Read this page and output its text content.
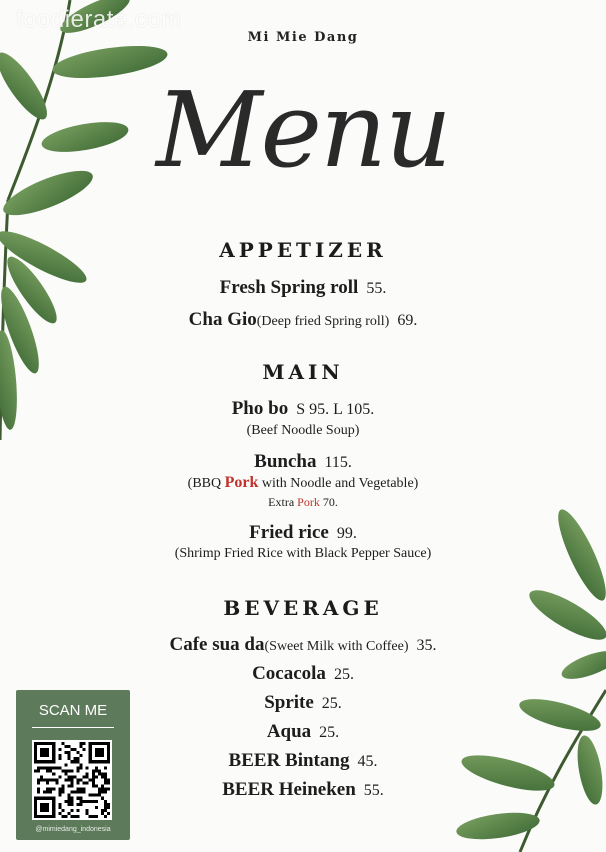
foodierate.com
Mi Mie Dang
Menu
APPETIZER
Fresh Spring roll 55.
Cha Gio(Deep fried Spring roll) 69.
MAIN
Pho bo S 95. L 105.
(Beef Noodle Soup)
Buncha 115.
(BBQ Pork with Noodle and Vegetable)
Extra Pork 70.
Fried rice 99.
(Shrimp Fried Rice with Black Pepper Sauce)
BEVERAGE
Cafe sua da(Sweet Milk with Coffee) 35.
Cocacola 25.
Sprite 25.
Aqua 25.
BEER Bintang 45.
BEER Heineken 55.
SCAN ME
@mimiedang_indonesia
